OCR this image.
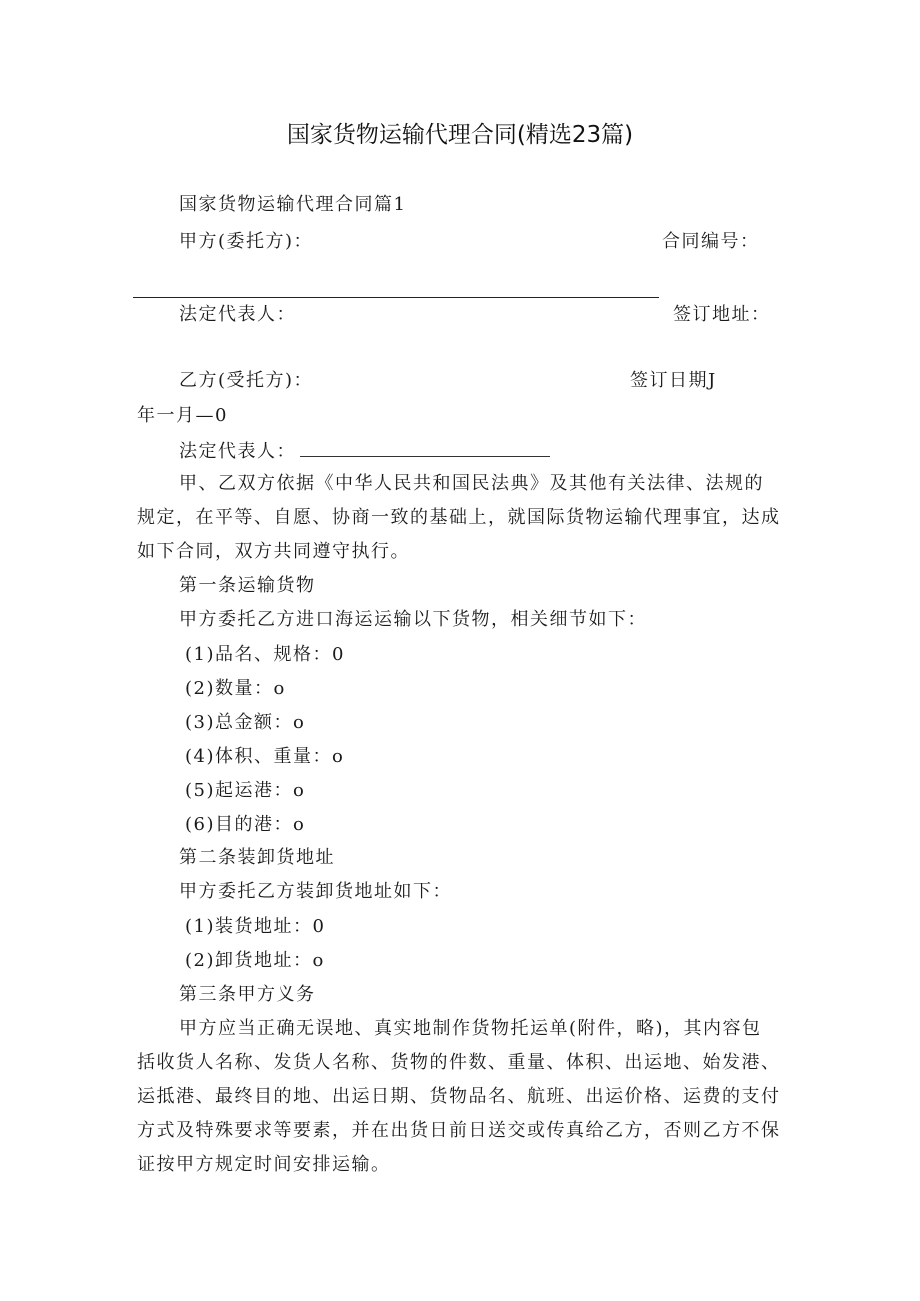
国家货物运输代理合同(精选23篇)
国家货物运输代理合同篇1
甲方(委托方)：	合同编号：
法定代表人：	签订地址：
乙方(受托方)：	签订日期J
年一月—0
法定代表人：
甲、乙双方依据《中华人民共和国民法典》及其他有关法律、法规的
规定，在平等、自愿、协商一致的基础上，就国际货物运输代理事宜，达成
如下合同，双方共同遵守执行。
第一条运输货物
甲方委托乙方进口海运运输以下货物，相关细节如下：
(1)品名、规格：0
(2)数量：o
(3)总金额：o
(4)体积、重量：o
(5)起运港：o
(6)目的港：o
第二条装卸货地址
甲方委托乙方装卸货地址如下：
(1)装货地址：0
(2)卸货地址：o
第三条甲方义务
甲方应当正确无误地、真实地制作货物托运单(附件，略)，其内容包
括收货人名称、发货人名称、货物的件数、重量、体积、出运地、始发港、
运抵港、最终目的地、出运日期、货物品名、航班、出运价格、运费的支付
方式及特殊要求等要素，并在出货日前日送交或传真给乙方，否则乙方不保
证按甲方规定时间安排运输。
